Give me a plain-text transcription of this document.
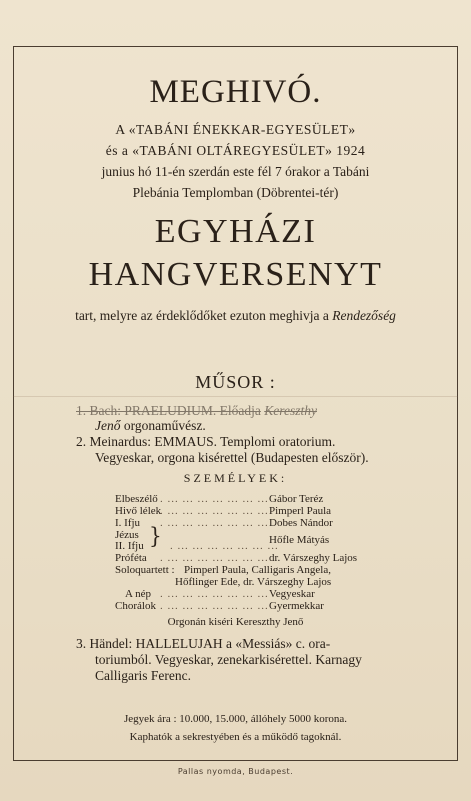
MEGHIVÓ.
A «TABÁNI ÉNEKKAR-EGYESÜLET»
és a «TABÁNI OLTÁREGYESÜLET» 1924
junius hó 11-én szerdán este fél 7 órakor a Tabáni
Plebánia Templomban (Döbrentei-tér)
EGYHÁZI
HANGVERSENYT
tart, melyre az érdeklődőket ezuton meghivja a Rendezőség
MŰSOR :
1. Bach: PRAELUDIUM. Előadja Kereszthy
Jenő orgonaművész.
2. Meinardus: EMMAUS. Templomi oratorium.
Vegyeskar, orgona kisérettel (Budapesten először).
SZEMÉLYEK:
Elbeszélő . ... ... ... ... ... ... ... Gábor Teréz
Hivő lélek
. ... ... ... ... ... ... ... Pimperl Paula
I. Ifju . ... ... ... ... ... ... ... Dobes Nándor
Jézus
II. Ifju . ... ... ... ... ... ... ...
Hőfle Mátyás
Próféta . ... ... ... ... ... ... ... dr. Várszeghy Lajos
Soloquartett : Pimperl Paula, Calligaris Angela,
Hőflinger Ede, dr. Várszeghy Lajos
A nép . ... ... ... ... ... ... ... Vegyeskar
Chorálok . ... ... ... ... ... ... ... Gyermekkar
}
Orgonán kiséri Kereszthy Jenő
3. Händel: HALLELUJAH a «Messiás» c. ora-
toriumból. Vegyeskar, zenekarkisérettel. Karnagy
Calligaris Ferenc.
Jegyek ára : 10.000, 15.000, állóhely 5000 korona.
Kaphatók a sekrestyében és a működő tagoknál.
Pallas nyomda, Budapest.
